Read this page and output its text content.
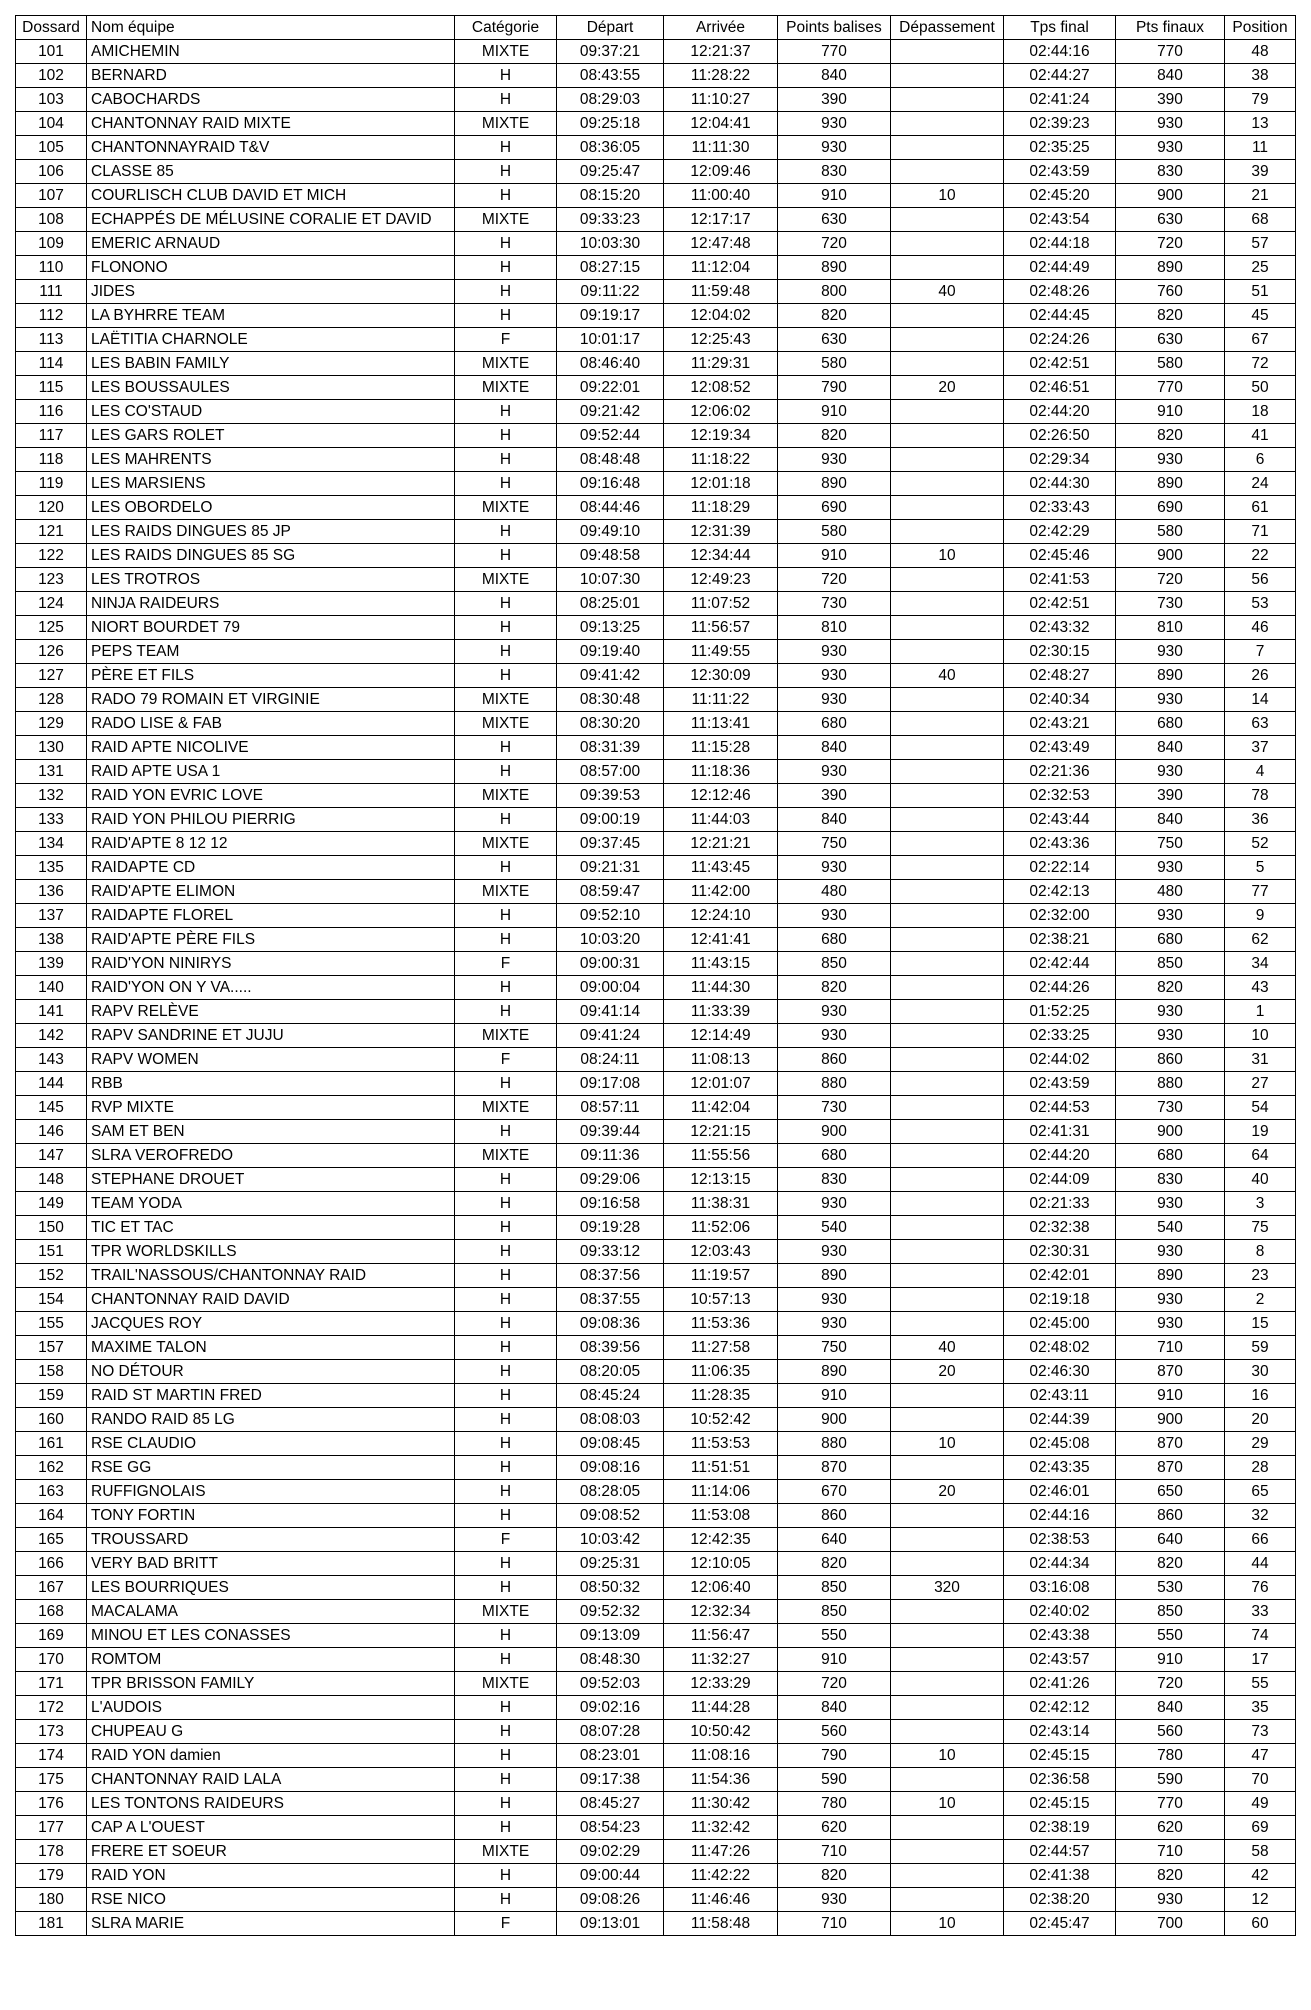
Dossard	Nom équipe	Catégorie	Départ	Arrivée	Points balises	Dépassement	Tps final	Pts finaux	Position
101	AMICHEMIN	MIXTE	09:37:21	12:21:37	770		02:44:16	770	48
102	BERNARD	H	08:43:55	11:28:22	840		02:44:27	840	38
103	CABOCHARDS	H	08:29:03	11:10:27	390		02:41:24	390	79
104	CHANTONNAY RAID MIXTE	MIXTE	09:25:18	12:04:41	930		02:39:23	930	13
105	CHANTONNAYRAID T&V	H	08:36:05	11:11:30	930		02:35:25	930	11
106	CLASSE 85	H	09:25:47	12:09:46	830		02:43:59	830	39
107	COURLISCH CLUB DAVID ET MICH	H	08:15:20	11:00:40	910	10	02:45:20	900	21
108	ECHAPPÉS DE MÉLUSINE CORALIE ET DAVID	MIXTE	09:33:23	12:17:17	630		02:43:54	630	68
109	EMERIC ARNAUD	H	10:03:30	12:47:48	720		02:44:18	720	57
110	FLONONO	H	08:27:15	11:12:04	890		02:44:49	890	25
111	JIDES	H	09:11:22	11:59:48	800	40	02:48:26	760	51
112	LA BYHRRE TEAM	H	09:19:17	12:04:02	820		02:44:45	820	45
113	LAËTITIA CHARNOLE	F	10:01:17	12:25:43	630		02:24:26	630	67
114	LES BABIN FAMILY	MIXTE	08:46:40	11:29:31	580		02:42:51	580	72
115	LES BOUSSAULES	MIXTE	09:22:01	12:08:52	790	20	02:46:51	770	50
116	LES CO'STAUD	H	09:21:42	12:06:02	910		02:44:20	910	18
117	LES GARS ROLET	H	09:52:44	12:19:34	820		02:26:50	820	41
118	LES MAHRENTS	H	08:48:48	11:18:22	930		02:29:34	930	6
119	LES MARSIENS	H	09:16:48	12:01:18	890		02:44:30	890	24
120	LES OBORDELO	MIXTE	08:44:46	11:18:29	690		02:33:43	690	61
121	LES RAIDS DINGUES 85 JP	H	09:49:10	12:31:39	580		02:42:29	580	71
122	LES RAIDS DINGUES 85 SG	H	09:48:58	12:34:44	910	10	02:45:46	900	22
123	LES TROTROS	MIXTE	10:07:30	12:49:23	720		02:41:53	720	56
124	NINJA RAIDEURS	H	08:25:01	11:07:52	730		02:42:51	730	53
125	NIORT BOURDET 79	H	09:13:25	11:56:57	810		02:43:32	810	46
126	PEPS TEAM	H	09:19:40	11:49:55	930		02:30:15	930	7
127	PÈRE ET FILS	H	09:41:42	12:30:09	930	40	02:48:27	890	26
128	RADO 79 ROMAIN ET VIRGINIE	MIXTE	08:30:48	11:11:22	930		02:40:34	930	14
129	RADO LISE & FAB	MIXTE	08:30:20	11:13:41	680		02:43:21	680	63
130	RAID APTE NICOLIVE	H	08:31:39	11:15:28	840		02:43:49	840	37
131	RAID APTE USA 1	H	08:57:00	11:18:36	930		02:21:36	930	4
132	RAID YON EVRIC LOVE	MIXTE	09:39:53	12:12:46	390		02:32:53	390	78
133	RAID YON PHILOU PIERRIG	H	09:00:19	11:44:03	840		02:43:44	840	36
134	RAID'APTE 8 12 12	MIXTE	09:37:45	12:21:21	750		02:43:36	750	52
135	RAIDAPTE CD	H	09:21:31	11:43:45	930		02:22:14	930	5
136	RAID'APTE ELIMON	MIXTE	08:59:47	11:42:00	480		02:42:13	480	77
137	RAIDAPTE FLOREL	H	09:52:10	12:24:10	930		02:32:00	930	9
138	RAID'APTE PÈRE FILS	H	10:03:20	12:41:41	680		02:38:21	680	62
139	RAID'YON NINIRYS	F	09:00:31	11:43:15	850		02:42:44	850	34
140	RAID'YON ON Y VA.....	H	09:00:04	11:44:30	820		02:44:26	820	43
141	RAPV RELÈVE	H	09:41:14	11:33:39	930		01:52:25	930	1
142	RAPV SANDRINE ET JUJU	MIXTE	09:41:24	12:14:49	930		02:33:25	930	10
143	RAPV WOMEN	F	08:24:11	11:08:13	860		02:44:02	860	31
144	RBB	H	09:17:08	12:01:07	880		02:43:59	880	27
145	RVP MIXTE	MIXTE	08:57:11	11:42:04	730		02:44:53	730	54
146	SAM ET BEN	H	09:39:44	12:21:15	900		02:41:31	900	19
147	SLRA VEROFREDO	MIXTE	09:11:36	11:55:56	680		02:44:20	680	64
148	STEPHANE DROUET	H	09:29:06	12:13:15	830		02:44:09	830	40
149	TEAM YODA	H	09:16:58	11:38:31	930		02:21:33	930	3
150	TIC ET TAC	H	09:19:28	11:52:06	540		02:32:38	540	75
151	TPR WORLDSKILLS	H	09:33:12	12:03:43	930		02:30:31	930	8
152	TRAIL'NASSOUS/CHANTONNAY RAID	H	08:37:56	11:19:57	890		02:42:01	890	23
154	CHANTONNAY RAID DAVID	H	08:37:55	10:57:13	930		02:19:18	930	2
155	JACQUES ROY	H	09:08:36	11:53:36	930		02:45:00	930	15
157	MAXIME TALON	H	08:39:56	11:27:58	750	40	02:48:02	710	59
158	NO DÉTOUR	H	08:20:05	11:06:35	890	20	02:46:30	870	30
159	RAID ST MARTIN FRED	H	08:45:24	11:28:35	910		02:43:11	910	16
160	RANDO RAID 85 LG	H	08:08:03	10:52:42	900		02:44:39	900	20
161	RSE CLAUDIO	H	09:08:45	11:53:53	880	10	02:45:08	870	29
162	RSE GG	H	09:08:16	11:51:51	870		02:43:35	870	28
163	RUFFIGNOLAIS	H	08:28:05	11:14:06	670	20	02:46:01	650	65
164	TONY FORTIN	H	09:08:52	11:53:08	860		02:44:16	860	32
165	TROUSSARD	F	10:03:42	12:42:35	640		02:38:53	640	66
166	VERY BAD BRITT	H	09:25:31	12:10:05	820		02:44:34	820	44
167	LES BOURRIQUES	H	08:50:32	12:06:40	850	320	03:16:08	530	76
168	MACALAMA	MIXTE	09:52:32	12:32:34	850		02:40:02	850	33
169	MINOU ET LES CONASSES	H	09:13:09	11:56:47	550		02:43:38	550	74
170	ROMTOM	H	08:48:30	11:32:27	910		02:43:57	910	17
171	TPR BRISSON FAMILY	MIXTE	09:52:03	12:33:29	720		02:41:26	720	55
172	L'AUDOIS	H	09:02:16	11:44:28	840		02:42:12	840	35
173	CHUPEAU G	H	08:07:28	10:50:42	560		02:43:14	560	73
174	RAID YON damien	H	08:23:01	11:08:16	790	10	02:45:15	780	47
175	CHANTONNAY RAID LALA	H	09:17:38	11:54:36	590		02:36:58	590	70
176	LES TONTONS RAIDEURS	H	08:45:27	11:30:42	780	10	02:45:15	770	49
177	CAP A L'OUEST	H	08:54:23	11:32:42	620		02:38:19	620	69
178	FRERE ET SOEUR	MIXTE	09:02:29	11:47:26	710		02:44:57	710	58
179	RAID YON	H	09:00:44	11:42:22	820		02:41:38	820	42
180	RSE NICO	H	09:08:26	11:46:46	930		02:38:20	930	12
181	SLRA MARIE	F	09:13:01	11:58:48	710	10	02:45:47	700	60
